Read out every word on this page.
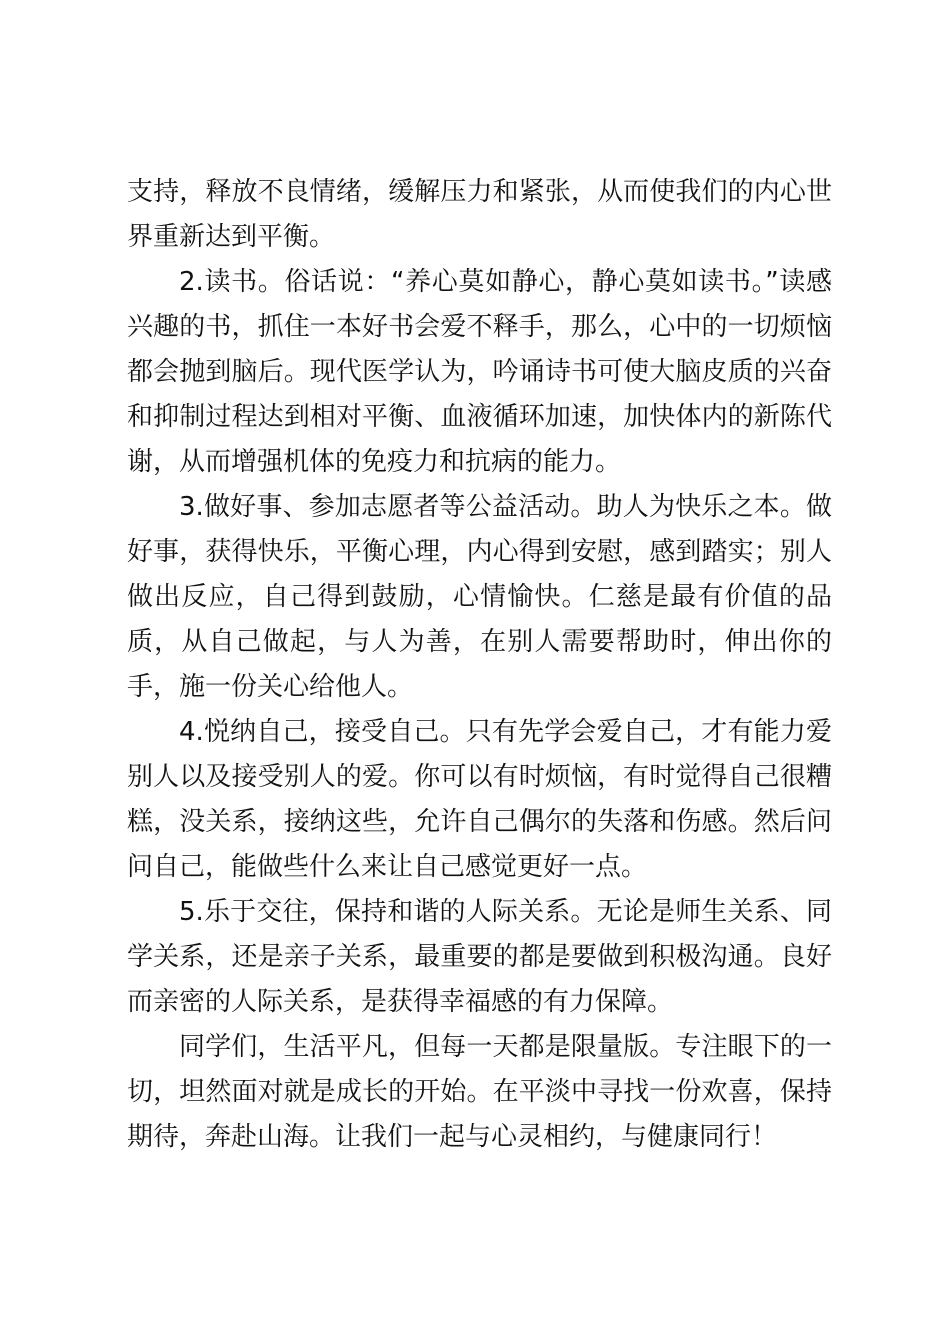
支持，释放不良情绪，缓解压力和紧张，从而使我们的内心世界重新达到平衡。

2.读书。俗话说：“养心莫如静心，静心莫如读书。”读感兴趣的书，抓住一本好书会爱不释手，那么，心中的一切烦恼都会抛到脑后。现代医学认为，吟诵诗书可使大脑皮质的兴奋和抑制过程达到相对平衡、血液循环加速，加快体内的新陈代谢，从而增强机体的免疫力和抗病的能力。

3.做好事、参加志愿者等公益活动。助人为快乐之本。做好事，获得快乐，平衡心理，内心得到安慰，感到踏实；别人做出反应，自己得到鼓励，心情愉快。仁慈是最有价值的品质，从自己做起，与人为善，在别人需要帮助时，伸出你的手，施一份关心给他人。

4.悦纳自己，接受自己。只有先学会爱自己，才有能力爱别人以及接受别人的爱。你可以有时烦恼，有时觉得自己很糟糕，没关系，接纳这些，允许自己偶尔的失落和伤感。然后问问自己，能做些什么来让自己感觉更好一点。

5.乐于交往，保持和谐的人际关系。无论是师生关系、同学关系，还是亲子关系，最重要的都是要做到积极沟通。良好而亲密的人际关系，是获得幸福感的有力保障。

同学们，生活平凡，但每一天都是限量版。专注眼下的一切，坦然面对就是成长的开始。在平淡中寻找一份欢喜，保持期待，奔赴山海。让我们一起与心灵相约，与健康同行！
